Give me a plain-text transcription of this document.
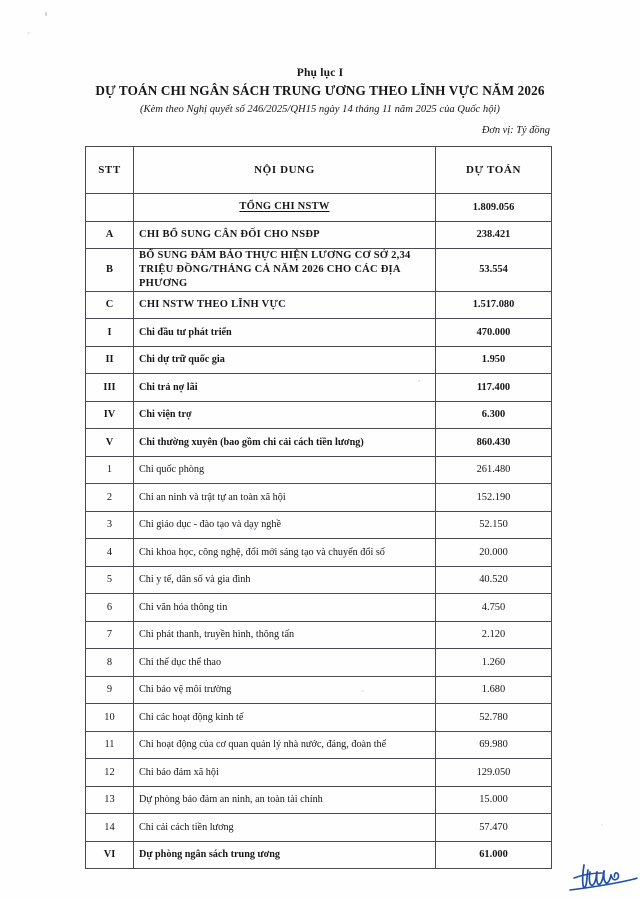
Phụ lục I
DỰ TOÁN CHI NGÂN SÁCH TRUNG ƯƠNG THEO LĨNH VỰC NĂM 2026
(Kèm theo Nghị quyết số 246/2025/QH15 ngày 14 tháng 11 năm 2025 của Quốc hội)
Đơn vị: Tỷ đồng
STT	NỘI DUNG	DỰ TOÁN
	TỔNG CHI NSTW	1.809.056
A	CHI BỔ SUNG CÂN ĐỐI CHO NSĐP	238.421
B	BỔ SUNG ĐẢM BẢO THỰC HIỆN LƯƠNG CƠ SỞ 2,34 TRIỆU ĐỒNG/THÁNG CẢ NĂM 2026 CHO CÁC ĐỊA PHƯƠNG	53.554
C	CHI NSTW THEO LĨNH VỰC	1.517.080
I	Chi đầu tư phát triển	470.000
II	Chi dự trữ quốc gia	1.950
III	Chi trả nợ lãi	117.400
IV	Chi viện trợ	6.300
V	Chi thường xuyên (bao gồm chi cải cách tiền lương)	860.430
1	Chi quốc phòng	261.480
2	Chi an ninh và trật tự an toàn xã hội	152.190
3	Chi giáo dục - đào tạo và dạy nghề	52.150
4	Chi khoa học, công nghệ, đổi mới sáng tạo và chuyển đổi số	20.000
5	Chi y tế, dân số và gia đình	40.520
6	Chi văn hóa thông tin	4.750
7	Chi phát thanh, truyền hình, thông tấn	2.120
8	Chi thể dục thể thao	1.260
9	Chi bảo vệ môi trường	1.680
10	Chi các hoạt động kinh tế	52.780
11	Chi hoạt động của cơ quan quản lý nhà nước, đảng, đoàn thể	69.980
12	Chi bảo đảm xã hội	129.050
13	Dự phòng bảo đảm an ninh, an toàn tài chính	15.000
14	Chi cải cách tiền lương	57.470
VI	Dự phòng ngân sách trung ương	61.000
